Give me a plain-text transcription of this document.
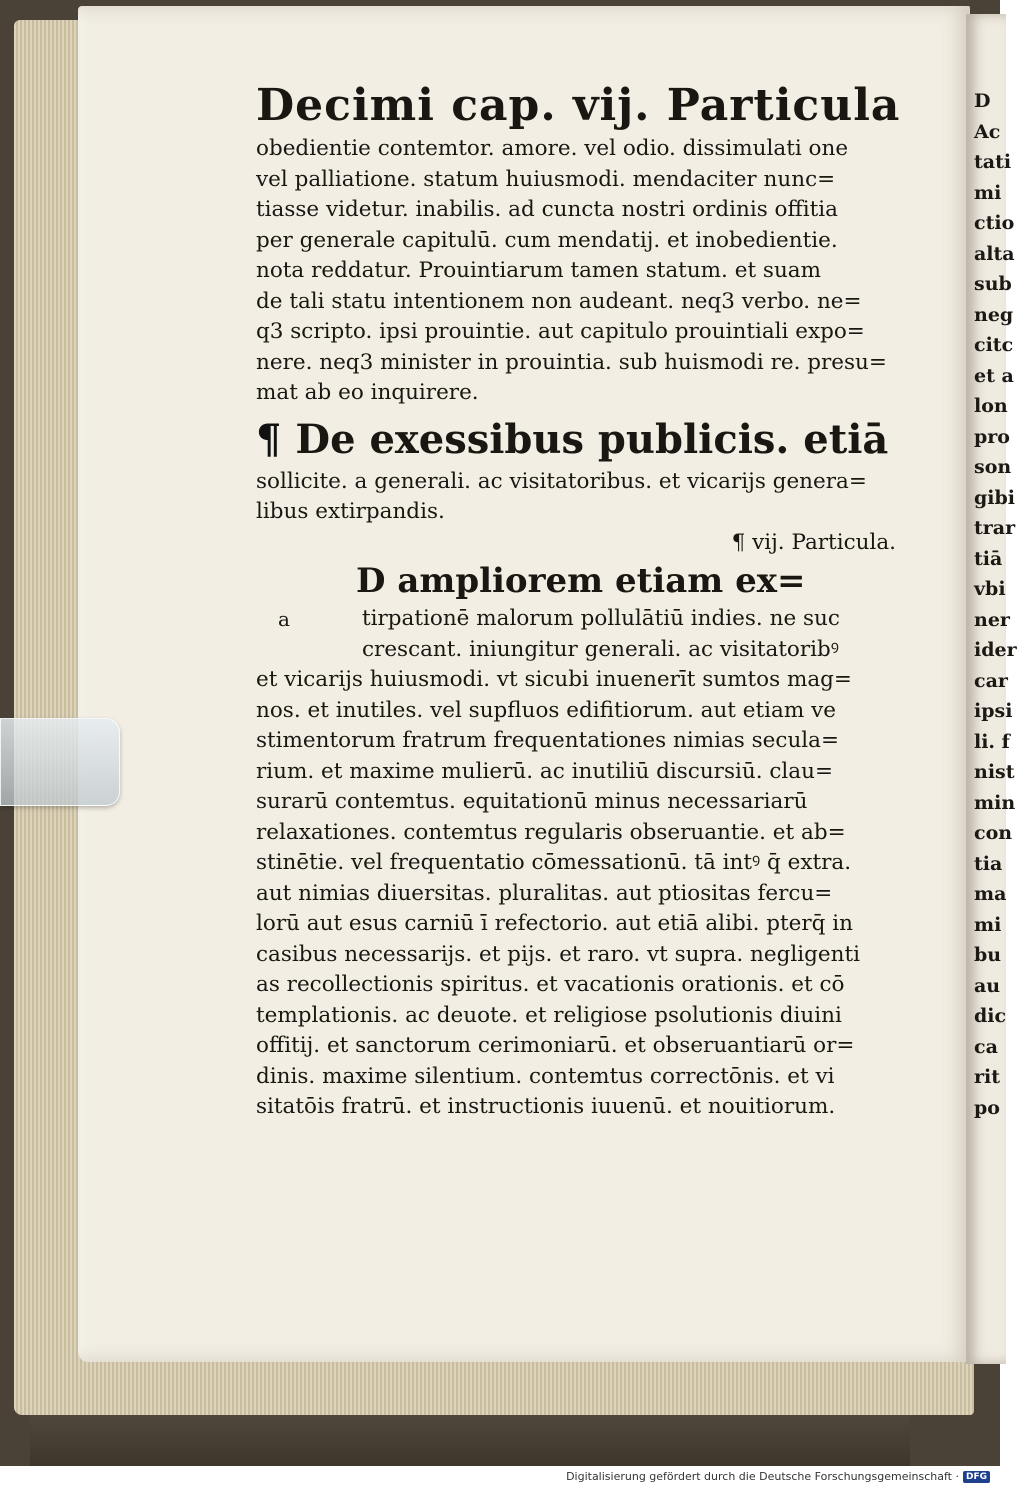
Decimi cap. vij. Particula
obedientie contemtor. amore. vel odio. dissimulati one
vel palliatione. statum huiusmodi. mendaciter nunc=
tiasse videtur. inabilis. ad cuncta nostri ordinis offitia
per generale capitulū. cum mendatij. et inobedientie.
nota reddatur. Prouintiarum tamen statum. et suam
de tali statu intentionem non audeant. neq3 verbo. ne=
q3 scripto. ipsi prouintie. aut capitulo prouintiali expo=
nere. neq3 minister in prouintia. sub huismodi re. presu=
mat ab eo inquirere.
¶ De exessibus publicis. etiā
sollicite. a generali. ac visitatoribus. et vicarijs genera=
libus extirpandis.
¶ vij. Particula.
D ampliorem etiam ex=
a	tirpationē malorum pollulātiū indies. ne suc
crescant. iniungitur generali. ac visitatoribꝰ
et vicarijs huiusmodi. vt sicubi inuenerīt sumtos mag=
nos. et inutiles. vel supfluos edifitiorum. aut etiam ve
stimentorum fratrum frequentationes nimias secula=
rium. et maxime mulierū. ac inutiliū discursiū. clau=
surarū contemtus. equitationū minus necessariarū
relaxationes. contemtus regularis obseruantie. et ab=
stinētie. vel frequentatio cōmessationū. tā intꝰ q̄ extra.
aut nimias diuersitas. pluralitas. aut ptiositas fercu=
lorū aut esus carniū ī refectorio. aut etiā alibi. pterq̄ in
casibus necessarijs. et pijs. et raro. vt supra. negligenti
as recollectionis spiritus. et vacationis orationis. et cō
templationis. ac deuote. et religiose psolutionis diuini
offitij. et sanctorum cerimoniarū. et obseruantiarū or=
dinis. maxime silentium. contemtus correctōnis. et vi
sitatōis fratrū. et instructionis iuuenū. et nouitiorum.
D
Ac
tati
mi
ctio
alta
sub
neg
citc
et a
lon
pro
son
gibi
trar
tiā
vbi
ner
ider
car
ipsi
li. f
nist
min
con
tia
ma
mi
bu
au
dic
ca
rit
po
Digitalisierung gefördert durch die Deutsche Forschungsgemeinschaft · DFG
